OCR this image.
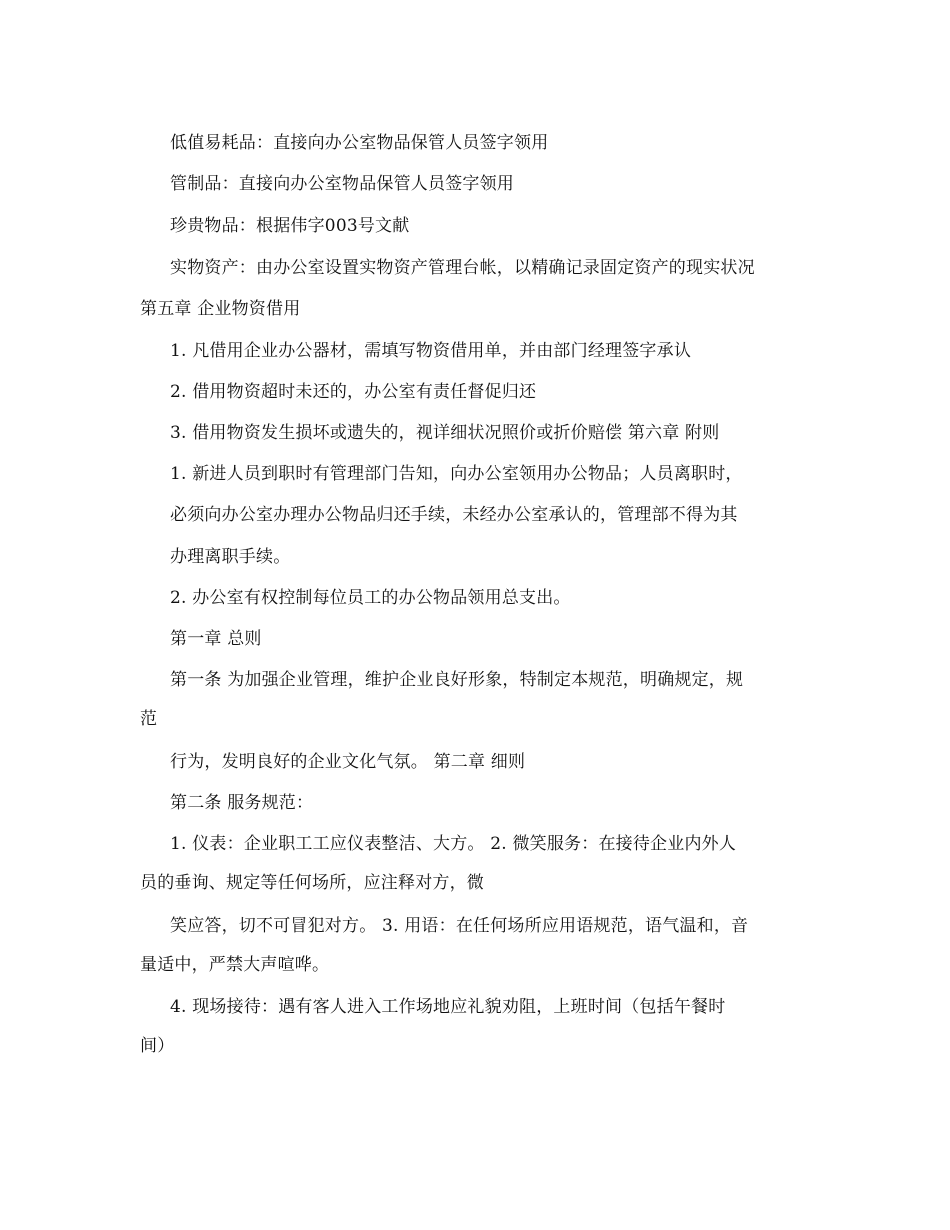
低值易耗品：直接向办公室物品保管人员签字领用
管制品：直接向办公室物品保管人员签字领用
珍贵物品：根据伟字003号文献
实物资产：由办公室设置实物资产管理台帐，以精确记录固定资产的现实状况
第五章 企业物资借用
1. 凡借用企业办公器材，需填写物资借用单，并由部门经理签字承认
2. 借用物资超时未还的，办公室有责任督促归还
3. 借用物资发生损坏或遗失的，视详细状况照价或折价赔偿 第六章 附则
1. 新进人员到职时有管理部门告知，向办公室领用办公物品；人员离职时，
必须向办公室办理办公物品归还手续，未经办公室承认的，管理部不得为其
办理离职手续。
2. 办公室有权控制每位员工的办公物品领用总支出。
第一章 总则
第一条 为加强企业管理，维护企业良好形象，特制定本规范，明确规定，规
范
行为，发明良好的企业文化气氛。 第二章 细则
第二条 服务规范：
1. 仪表：企业职工工应仪表整洁、大方。 2. 微笑服务：在接待企业内外人
员的垂询、规定等任何场所，应注释对方，微
笑应答，切不可冒犯对方。 3. 用语：在任何场所应用语规范，语气温和，音
量适中，严禁大声喧哗。
4. 现场接待：遇有客人进入工作场地应礼貌劝阻，上班时间（包括午餐时
间）
